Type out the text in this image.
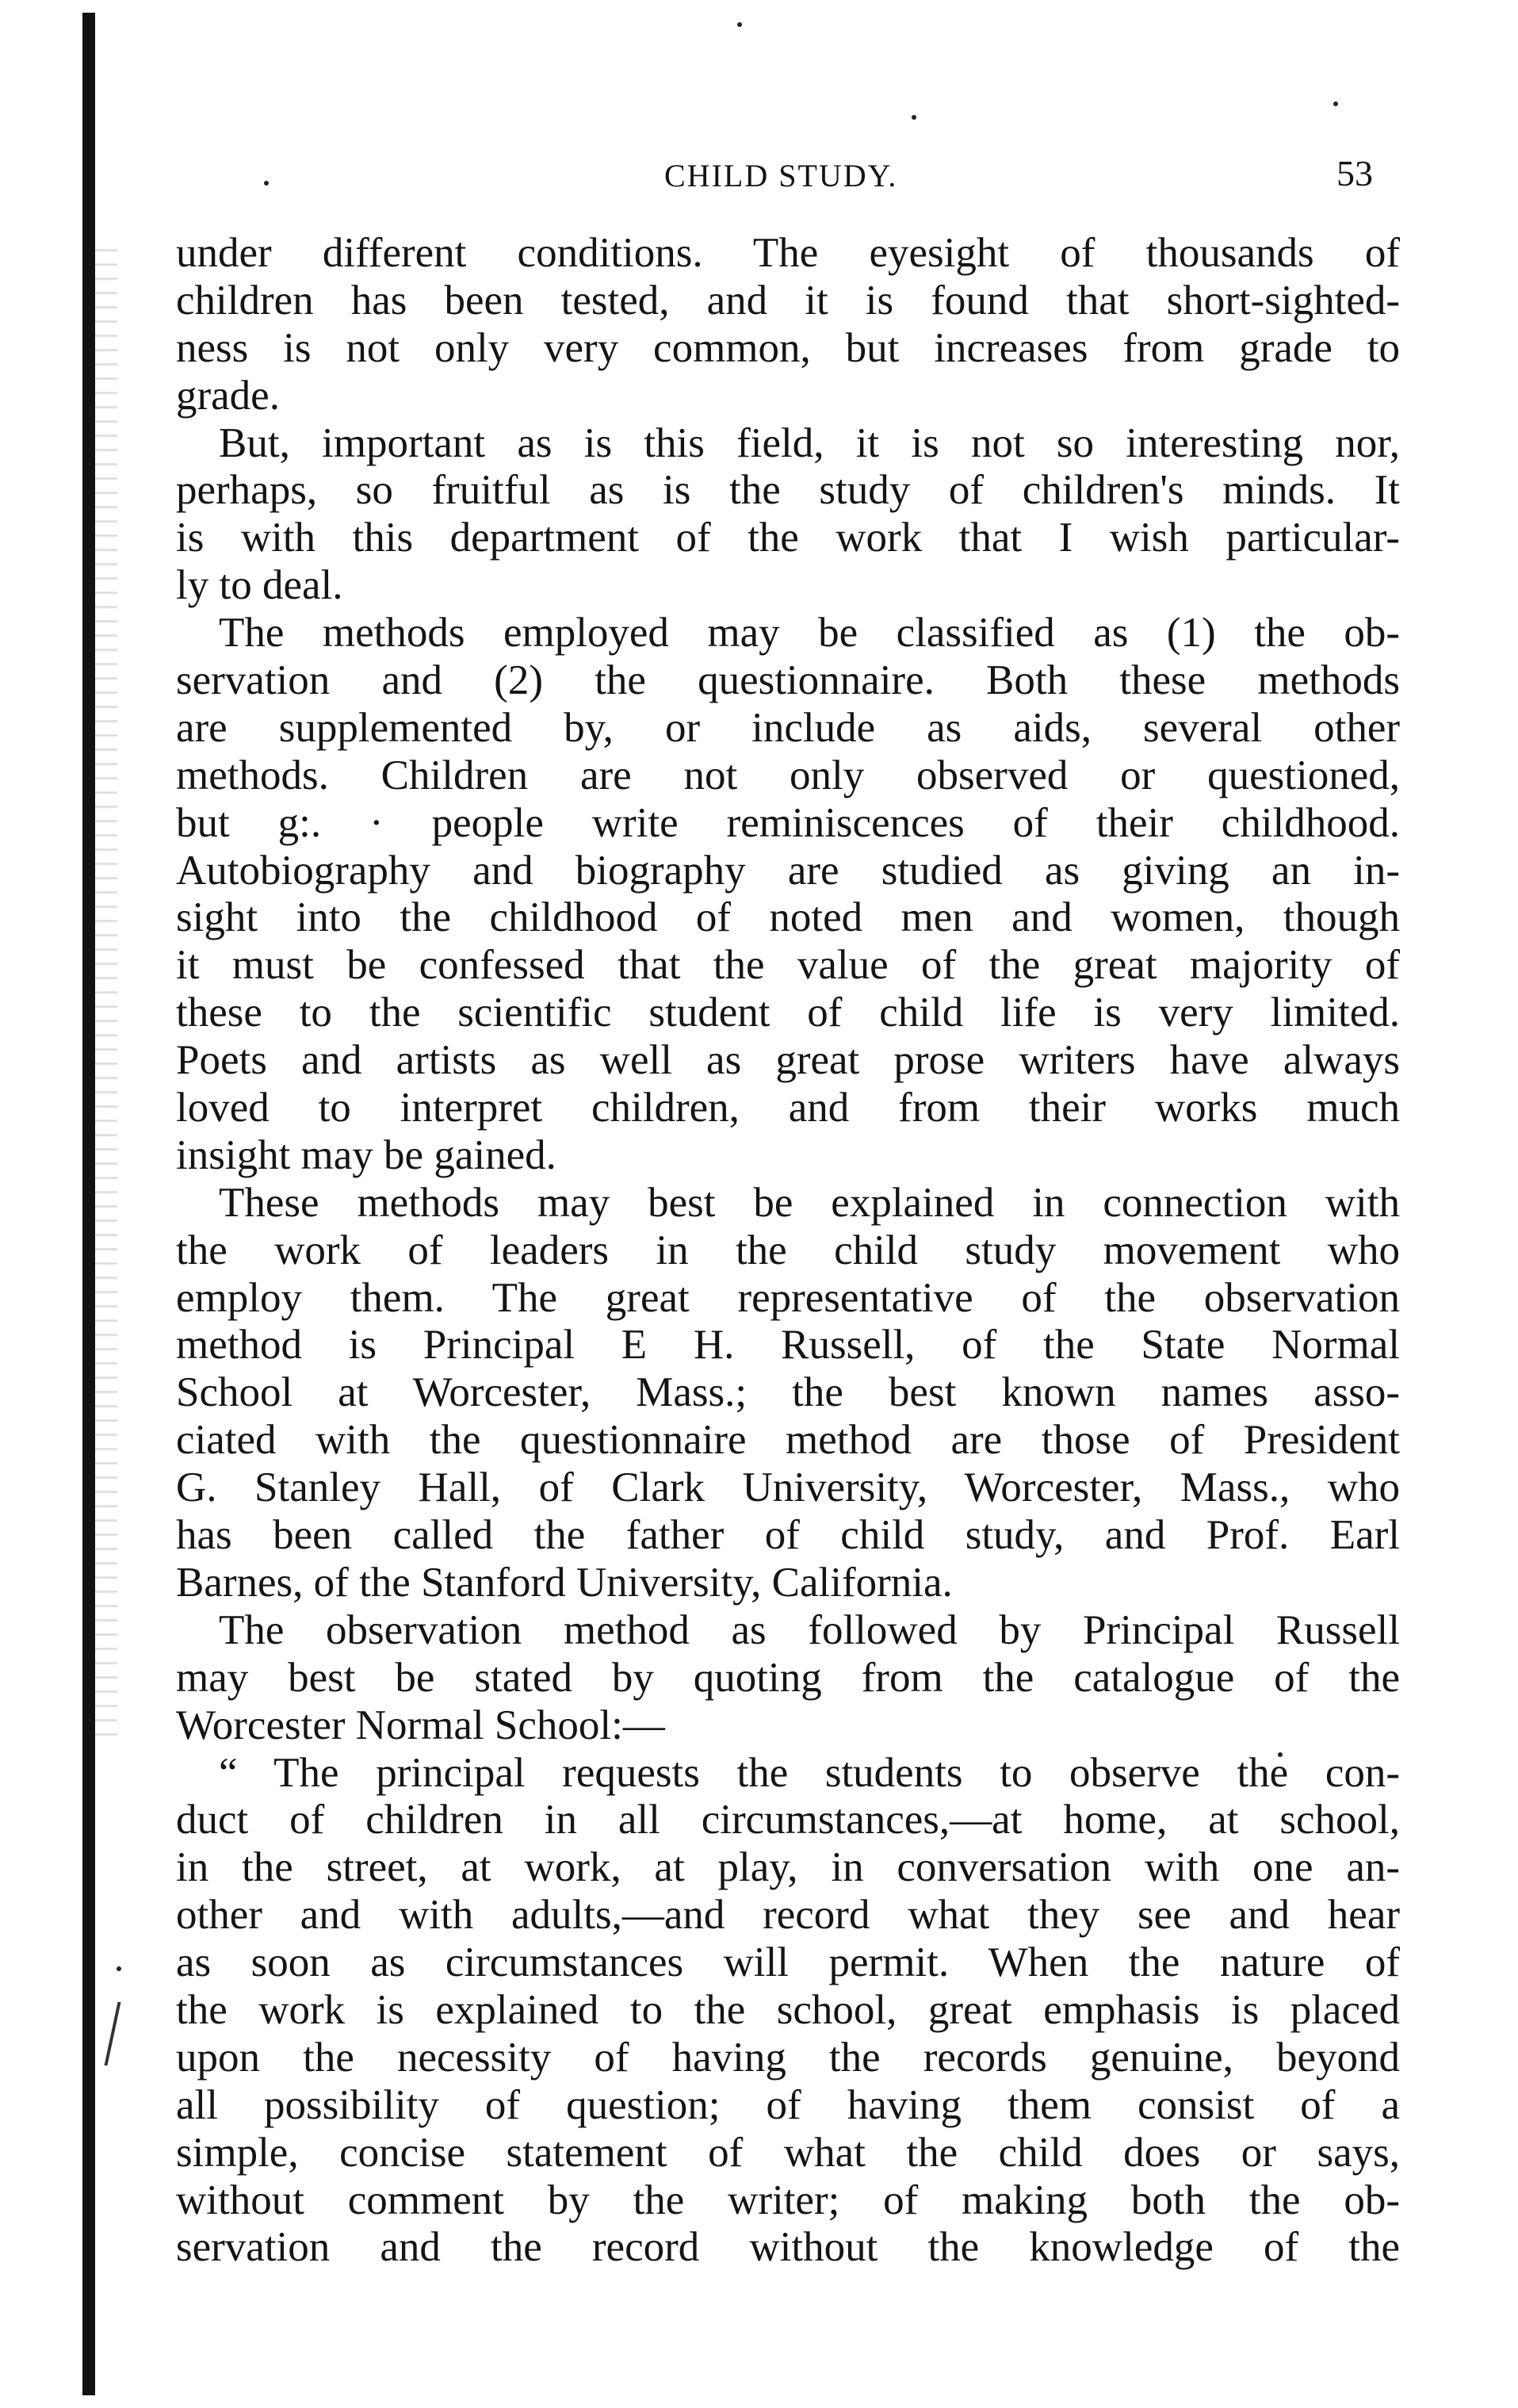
CHILD STUDY.	53
under different conditions. The eyesight of thousands of
children has been tested, and it is found that short-sighted-
ness is not only very common, but increases from grade to
grade.
But, important as is this field, it is not so interesting nor,
perhaps, so fruitful as is the study of children's minds. It
is with this department of the work that I wish particular-
ly to deal.
The methods employed may be classified as (1) the ob-
servation and (2) the questionnaire. Both these methods
are supplemented by, or include as aids, several other
methods. Children are not only observed or questioned,
but g:. · people write reminiscences of their childhood.
Autobiography and biography are studied as giving an in-
sight into the childhood of noted men and women, though
it must be confessed that the value of the great majority of
these to the scientific student of child life is very limited.
Poets and artists as well as great prose writers have always
loved to interpret children, and from their works much
insight may be gained.
These methods may best be explained in connection with
the work of leaders in the child study movement who
employ them. The great representative of the observation
method is Principal E H. Russell, of the State Normal
School at Worcester, Mass.; the best known names asso-
ciated with the questionnaire method are those of President
G. Stanley Hall, of Clark University, Worcester, Mass., who
has been called the father of child study, and Prof. Earl
Barnes, of the Stanford University, California.
The observation method as followed by Principal Russell
may best be stated by quoting from the catalogue of the
Worcester Normal School:—
“ The principal requests the students to observe the con-
duct of children in all circumstances,—at home, at school,
in the street, at work, at play, in conversation with one an-
other and with adults,—and record what they see and hear
as soon as circumstances will permit. When the nature of
the work is explained to the school, great emphasis is placed
upon the necessity of having the records genuine, beyond
all possibility of question; of having them consist of a
simple, concise statement of what the child does or says,
without comment by the writer; of making both the ob-
servation and the record without the knowledge of the
